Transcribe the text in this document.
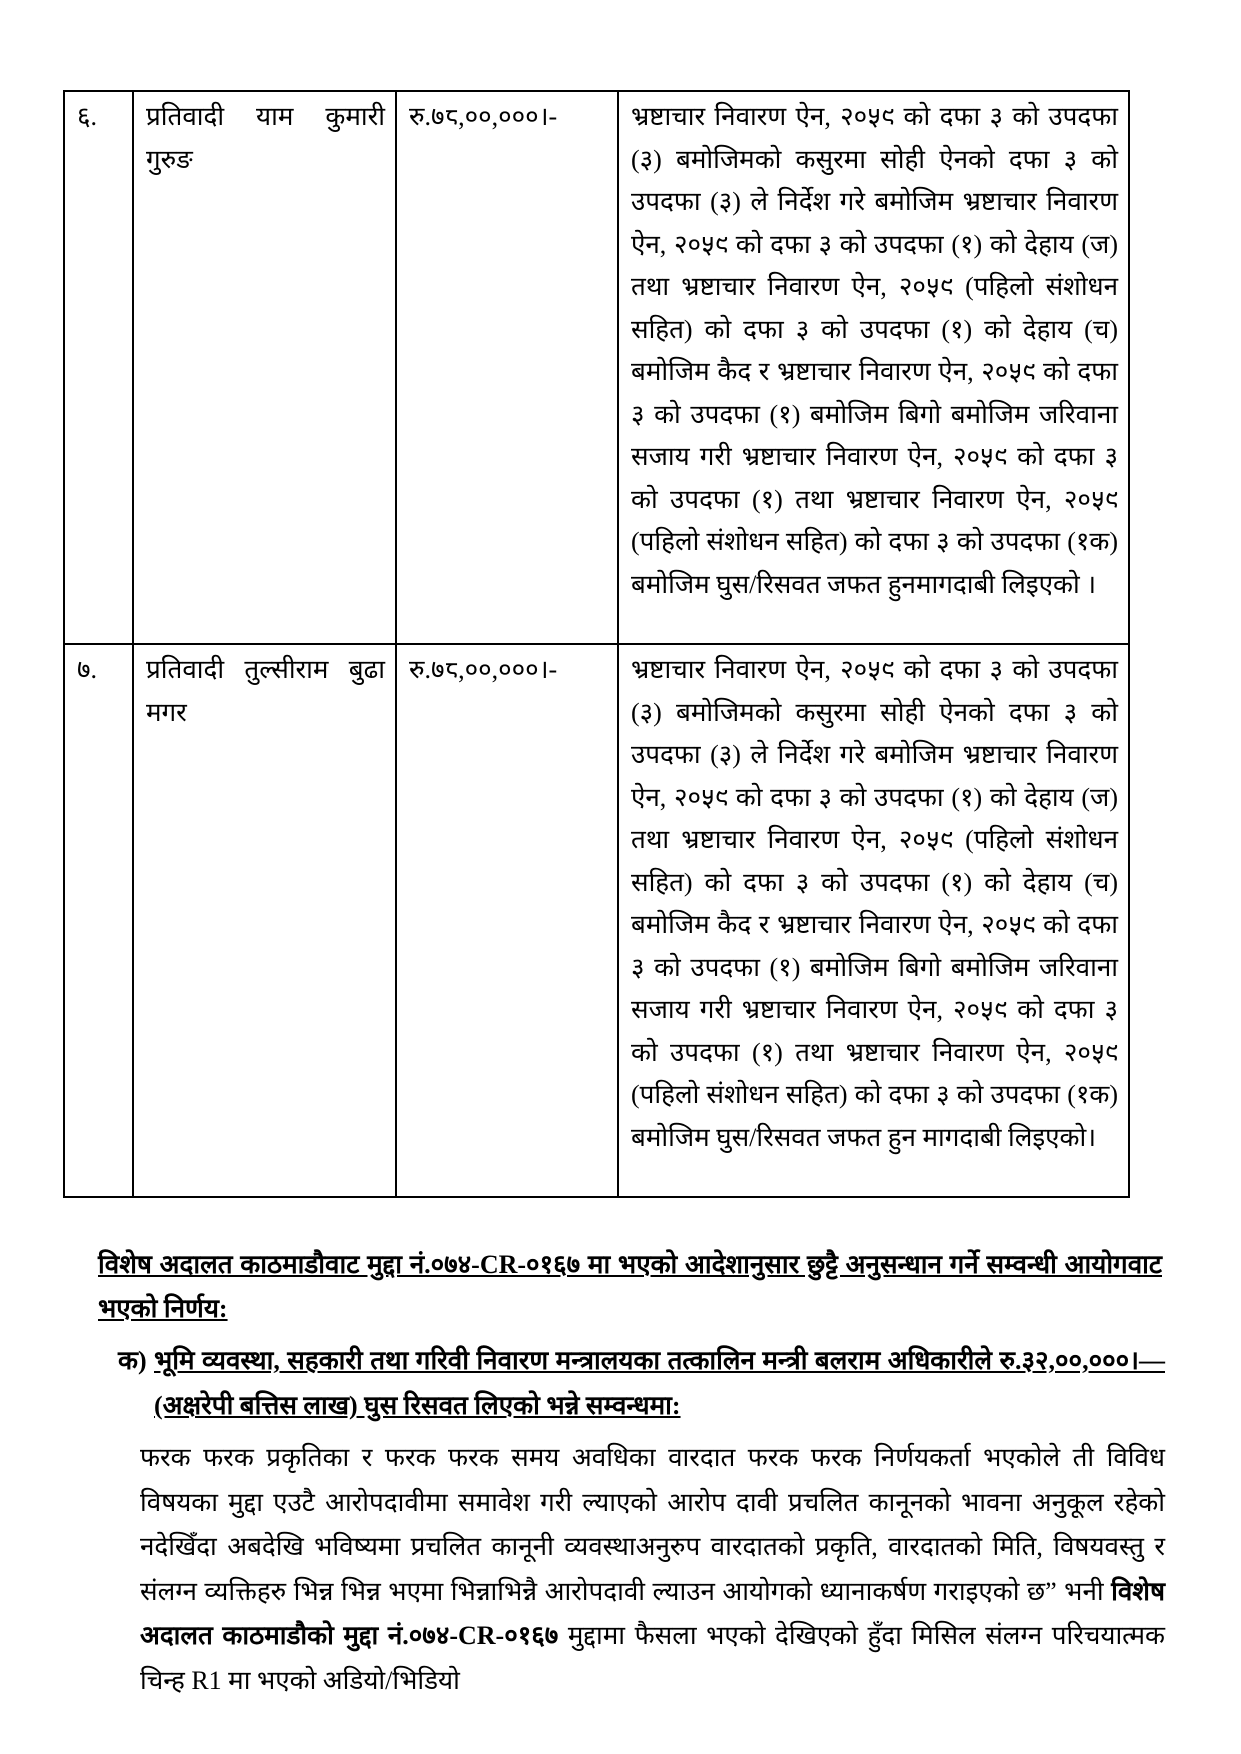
६.	प्रतिवादी याम कुमारी गुरुङ	रु.७८,००,०००।-	भ्रष्टाचार निवारण ऐन, २०५९ को दफा ३ को उपदफा (३) बमोजिमको कसुरमा सोही ऐनको दफा ३ को उपदफा (३) ले निर्देश गरे बमोजिम भ्रष्टाचार निवारण ऐन, २०५९ को दफा ३ को उपदफा (१) को देहाय (ज) तथा भ्रष्टाचार निवारण ऐन, २०५९ (पहिलो संशोधन सहित) को दफा ३ को उपदफा (१) को देहाय (च) बमोजिम कैद र भ्रष्टाचार निवारण ऐन, २०५९ को दफा ३ को उपदफा (१) बमोजिम बिगो बमोजिम जरिवाना सजाय गरी भ्रष्टाचार निवारण ऐन, २०५९ को दफा ३ को उपदफा (१) तथा भ्रष्टाचार निवारण ऐन, २०५९ (पहिलो संशोधन सहित) को दफा ३ को उपदफा (१क) बमोजिम घुस/रिसवत जफत हुनमागदाबी लिइएको ।
७.	प्रतिवादी तुल्सीराम बुढा मगर	रु.७८,००,०००।-	भ्रष्टाचार निवारण ऐन, २०५९ को दफा ३ को उपदफा (३) बमोजिमको कसुरमा सोही ऐनको दफा ३ को उपदफा (३) ले निर्देश गरे बमोजिम भ्रष्टाचार निवारण ऐन, २०५९ को दफा ३ को उपदफा (१) को देहाय (ज) तथा भ्रष्टाचार निवारण ऐन, २०५९ (पहिलो संशोधन सहित) को दफा ३ को उपदफा (१) को देहाय (च) बमोजिम कैद र भ्रष्टाचार निवारण ऐन, २०५९ को दफा ३ को उपदफा (१) बमोजिम बिगो बमोजिम जरिवाना सजाय गरी भ्रष्टाचार निवारण ऐन, २०५९ को दफा ३ को उपदफा (१) तथा भ्रष्टाचार निवारण ऐन, २०५९ (पहिलो संशोधन सहित) को दफा ३ को उपदफा (१क) बमोजिम घुस/रिसवत जफत हुन मागदाबी लिइएको।
विशेष अदालत काठमाडौवाट मुद्दा नं.०७४-CR-०१६७ मा भएको आदेशानुसार छुट्टै अनुसन्धान गर्ने सम्वन्धी आयोगवाट भएको निर्णय:
क) भूमि व्यवस्था, सहकारी तथा गरिवी निवारण मन्त्रालयका तत्कालिन मन्त्री बलराम अधिकारीले रु.३२,००,०००।—(अक्षरेपी बत्तिस लाख) घुस रिसवत लिएको भन्ने सम्वन्धमा:
फरक फरक प्रकृतिका र फरक फरक समय अवधिका वारदात फरक फरक निर्णयकर्ता भएकोले ती विविध विषयका मुद्दा एउटै आरोपदावीमा समावेश गरी ल्याएको आरोप दावी प्रचलित कानूनको भावना अनुकूल रहेको नदेखिँदा अबदेखि भविष्यमा प्रचलित कानूनी व्यवस्थाअनुरुप वारदातको प्रकृति, वारदातको मिति, विषयवस्तु र संलग्न व्यक्तिहरु भिन्न भिन्न भएमा भिन्नाभिन्नै आरोपदावी ल्याउन आयोगको ध्यानाकर्षण गराइएको छ” भनी विशेष अदालत काठमाडौको मुद्दा नं.०७४-CR-०१६७ मुद्दामा फैसला भएको देखिएको हुँदा मिसिल संलग्न परिचयात्मक चिन्ह R1 मा भएको अडियो/भिडियो
